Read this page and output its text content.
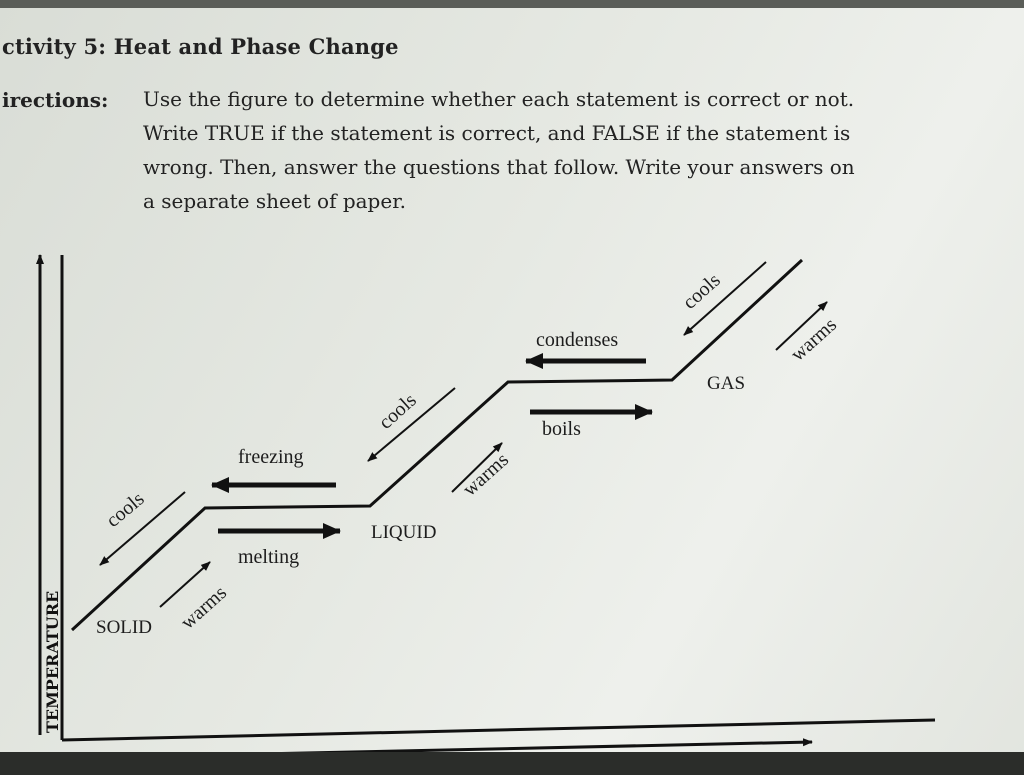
ctivity 5: Heat and Phase Change
irections: Use the figure to determine whether each statement is correct or not.
Write TRUE if the statement is correct, and FALSE if the statement is
wrong. Then, answer the questions that follow. Write your answers on
a separate sheet of paper.
melting
freezing
boils
condenses
SOLID
LIQUID
GAS
warms
cools
warms
cools
warms
cools
TEMPERATURE
